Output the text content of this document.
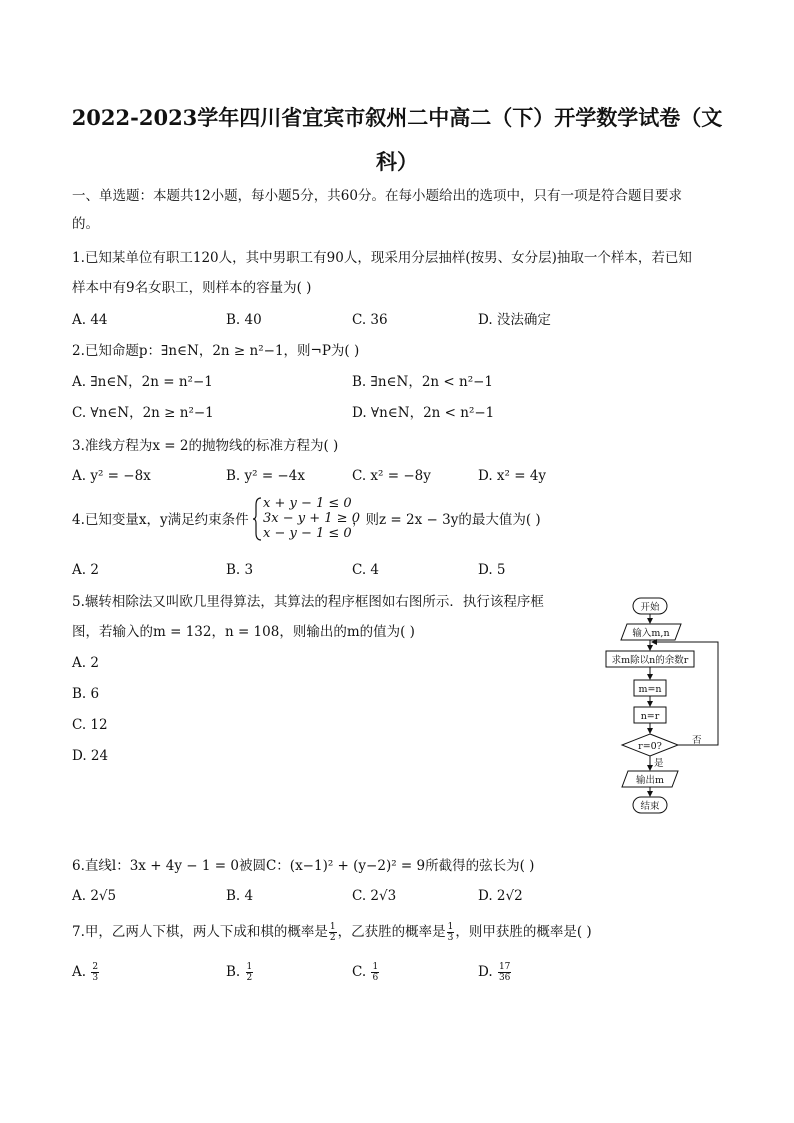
2022-2023学年四川省宜宾市叙州二中高二（下）开学数学试卷（文
科）
一、单选题：本题共12小题，每小题5分，共60分。在每小题给出的选项中，只有一项是符合题目要求
的。
1.已知某单位有职工120人，其中男职工有90人，现采用分层抽样(按男、女分层)抽取一个样本，若已知
样本中有9名女职工，则样本的容量为( )
A. 44	B. 40	C. 36	D. 没法确定
2.已知命题p：∃n∈N，2n ≥ n²−1，则¬P为( )
A. ∃n∈N，2n = n²−1	B. ∃n∈N，2n < n²−1
C. ∀n∈N，2n ≥ n²−1	D. ∀n∈N，2n < n²−1
3.准线方程为x = 2的抛物线的标准方程为( )
A. y² = −8x	B. y² = −4x	C. x² = −8y	D. x² = 4y
4.已知变量x，y满足约束条件
x + y − 1 ≤ 0
3x − y + 1 ≥ 0
x − y − 1 ≤ 0
，则z = 2x − 3y的最大值为( )
A. 2	B. 3	C. 4	D. 5
5.辗转相除法又叫欧几里得算法，其算法的程序框图如右图所示．执行该程序框
图，若输入的m = 132，n = 108，则输出的m的值为( )
A. 2
B. 6
C. 12
D. 24
开始
输入m,n
求m除以n的余数r
m=n
n=r
r=0?
否
是
输出m
结束
6.直线l：3x + 4y − 1 = 0被圆C：(x−1)² + (y−2)² = 9所截得的弦长为( )
A. 2√5	B. 4	C. 2√3	D. 2√2
7.甲，乙两人下棋，两人下成和棋的概率是 $\frac{1}{2}$ ，乙获胜的概率是 $\frac{1}{3}$ ，则甲获胜的概率是( )
A. $\frac{2}{3}$	B. $\frac{1}{2}$	C. $\frac{1}{6}$	D. $\frac{17}{36}$
